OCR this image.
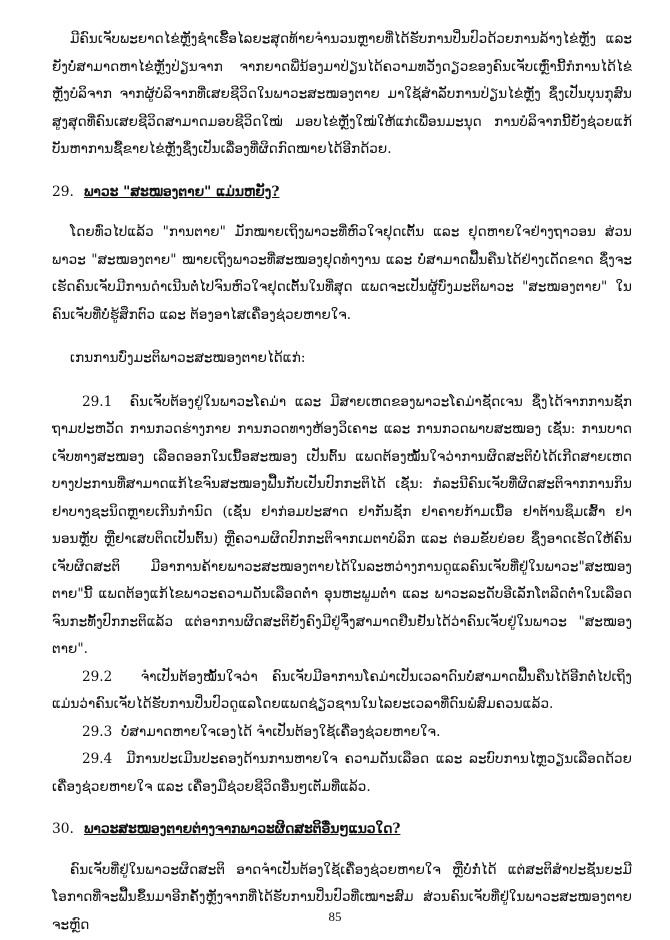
ມີຄົນເຈັບພະຍາດໄຂ່ຫຼັງຊໍາເຮື້ອໄລຍະສຸດທ້າຍຈໍານວນຫຼາຍທີ່ໄດ້ຮັບການປິ່ນປົວດ້ວຍການລ້າງໄຂ່ຫຼັງ ແລະ ຍັງບໍ່ສາມາດຫາໄຂ່ຫຼັງປ່ຽນຈາກ ຈາກຍາດພີ່ນ້ອງມາປ່ຽນໄດ້ຄວາມທວັງດຽວຂອງຄົນເຈັບເຫຼົ່ານີ້ກໍການໄດ້ໄຂ່ຫຼັງບໍລິຈາກ ຈາກຜູ້ບໍລິຈາກທີ່ເສຍຊີວິດໃນພາວະສະໝອງຕາຍ ມາໃຊ້ສໍາລັບການປ່ຽນໄຂ່ຫຼັງ ຊຶ່ງເປັນບຸນກຸສົນສູງສຸດທີ່ຄົນເສຍຊີວິດສາມາດມອບຊີວິດໃໝ່ ມອບໄຂ່ຫຼັງໃໝ່ໃຫ້ແກ່ເພື່ອນມະນຸດ ການບໍລິຈາກນີ້ຍັງຊ່ວຍແກ້ບັນຫາການຊື້ຂາຍໄຂ່ຫຼັງຊຶ່ງເປັນເລື່ອງທີ່ຜິດກົດໝາຍໄດ້ອີກດ້ວຍ.

29. ພາວະ "ສະໝອງຕາຍ" ແມ່ນຫຍັງ?

ໂດຍທົ່ວໄປແລ້ວ "ການຕາຍ" ມັກໝາຍເຖິງພາວະທີ່ຫົວໃຈຢຸດເຕັ້ນ ແລະ ຢຸດຫາຍໃຈຢ່າງຖາວອນ ສ່ວນພາວະ "ສະໝອງຕາຍ" ໝາຍເຖິງພາວະທີ່ສະໝອງຢຸດທໍາງານ ແລະ ບໍ່ສາມາດຟື້ນຄືນໄດ້ຢ່າງເດັດຂາດ ຊຶ່ງຈະເຮັດຄົນເຈັບມີການດໍາເນີນຕໍ່ໄປຈົນຫົວໃຈຢຸດເຕັ້ນໃນທີ່ສຸດ ແພດຈະເປັນຜູ້ບົ່ງມະຕິພາວະ "ສະໝອງຕາຍ" ໃນຄົນເຈັບທີ່ບໍ່ຮູ້ສຶກຕົວ ແລະ ຕ້ອງອາໄສເຄື່ອງຊ່ວຍຫາຍໃຈ.

ເກນການບົ່ງມະຕິພາວະສະໝອງຕາຍໄດ້ແກ່:

29.1 ຄົນເຈັບຕ້ອງຢູ່ໃນພາວະໂຄມ່າ ແລະ ມີສາຍເຫດຂອງພາວະໂຄມ່າຊັດເຈນ ຊຶ່ງໄດ້ຈາກການຊັກຖາມປະຫວັດ ການກວດຮ່າງກາຍ ການກວດທາງຫ້ອງວິເຄາະ ແລະ ການກວດພາບສະໝອງ ເຊັ່ນ: ການບາດເຈັບທາງສະໝອງ ເລືອດອອກໃນເນື້ອສະໝອງ ເປັນຕົ້ນ ແພດຕ້ອງໝັ້ນໃຈວ່າການຜິດສະຕິບໍ່ໄດ້ເກີດສາຍເຫດບາງປະການທີ່ສາມາດແກ້ໄຂຈົນສະໝອງຟື້ນກັບເປັນປົກກະຕິໄດ້ ເຊັ່ນ: ກໍລະນີຄົນເຈັບທີ່ຜິດສະຕິຈາກການກິນຢາບາງຊະນິດຫຼາຍເກີນກໍານົດ (ເຊັ່ນ ຢາກ່ອມປະສາດ ຢາກັນຊັກ ຢາຄາຍກ້າມເນື້ອ ຢາຕ້ານຊຶມເສົ້າ ຢານອນຫຼັບ ຫຼືຢາເສບຕິດເປັນຕົ້ນ) ຫຼືຄວາມຜິດປົກກະຕິຈາກເມຕາບໍລິກ ແລະ ຕ່ອມຂັບຍ່ອຍ ຊຶ່ງອາດເຮັດໃຫ້ຄົນເຈັບຜິດສະຕິ ມີອາການຄ້າຍພາວະສະໝອງຕາຍໄດ້ໃນລະຫວ່າງການດູແລຄົນເຈັບທີ່ຢູ່ໃນພາວະ"ສະໝອງຕາຍ"ນີ້ ແພດຕ້ອງແກ້ໄຂພາວະຄວາມດັນເລືອດຕໍ່າ ອຸນຫະພູມຕໍ່າ ແລະ ພາວະລະດັບອີເລັກໂຕລີດຕໍ່າໃນເລືອດ ຈົນກະທັ້ງປົກກະຕິແລ້ວ ແຕ່ອາການຜິດສະຕິຍັງຄົງມີຢູ່ຈຶ່ງສາມາດຢືນຢັນໄດ້ວ່າຄົນເຈັບຢູ່ໃນພາວະ "ສະໝອງຕາຍ".

29.2 ຈໍາເປັນຕ້ອງໝັ້ນໃຈວ່າ ຄົນເຈັບມີອາການໂຄມ່າເປັນເວລາດົນບໍ່ສາມາດຟື້ນຄືນໄດ້ອີກຕໍ່ໄປເຖິງແມ່ນວ່າຄົນເຈັບໄດ້ຮັບການປິ່ນປົວດູແລໂດຍແພດຊ່ຽວຊານໃນໄລຍະເວລາທີ່ດົນພໍສົມຄວນແລ້ວ.

29.3 ບໍ່ສາມາດຫາຍໃຈເອງໄດ້ ຈໍາເປັນຕ້ອງໃຊ້ເຄື່ອງຊ່ວຍຫາຍໃຈ.

29.4 ມີການປະເມີນປະຄອງດ້ານການຫາຍໃຈ ຄວາມດັນເລືອດ ແລະ ລະບົບການໄຫຼວຽນເລືອດດ້ວຍເຄື່ອງຊ່ວຍຫາຍໃຈ ແລະ ເຄື່ອງມືຊ່ວຍຊີວິດອື່ນໆເຕັມທີ່ແລ້ວ.

30. ພາວະສະໝອງຕາຍຕ່າງຈາກພາວະຜິດສະຕິອື່ນໆແນວໃດ?

ຄົນເຈັບທີ່ຢູ່ໃນພາວະຜິດສະຕິ ອາດຈໍາເປັນຕ້ອງໃຊ້ເຄື່ອງຊ່ວຍຫາຍໃຈ ຫຼືບໍ່ກໍ່ໄດ້ ແຕ່ສະຕິສໍາປະຊັນຍະມີໂອກາດທີ່ຈະຟື້ນຂຶ້ນມາອີກຄັ້ງຫຼັງຈາກທີ່ໄດ້ຮັບການປິ່ນປົວທີ່ເໝາະສົມ ສ່ວນຄົນເຈັບທີ່ຢູ່ໃນພາວະສະໝອງຕາຍຈະຫຼົດ

85
